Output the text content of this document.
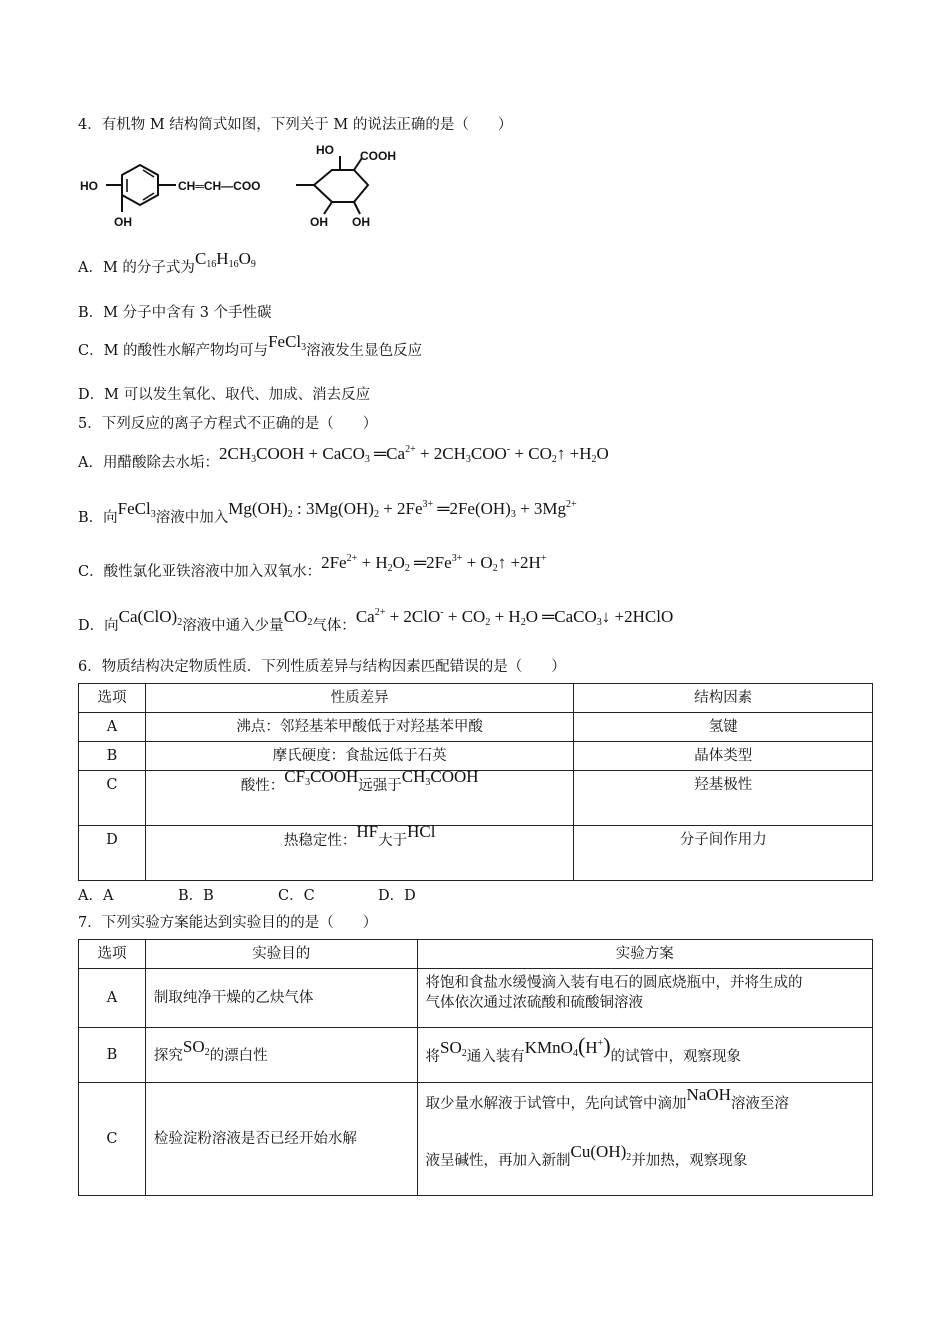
4．有机物 M 结构简式如图，下列关于 M 的说法正确的是（　　）
HO
OH
CH═CH—COO
HO COOH
OH OH
A．M 的分子式为$C_{16}H_{16}O_9$
B．M 分子中含有 3 个手性碳
C．M 的酸性水解产物均可与FeCl$_3$溶液发生显色反应
D．M 可以发生氧化、取代、加成、消去反应
5．下列反应的离子方程式不正确的是（　　）
A．用醋酸除去水垢：$2CH_3COOH$ + CaCO$_3$ $═Ca^{2+} + 2CH_3COO^-$ + $CO_2↑ +H_2O$
B．向FeCl$_3$溶液中加入$Mg(OH)_2$ : $3Mg(OH)_2 + 2Fe^{3+}$ $═2Fe(OH)_3 + 3Mg^{2+}$
C．酸性氯化亚铁溶液中加入双氧水：$2Fe^{2+} + H_2O_2$ $═2Fe^{3+}$ + $O_2↑ +2H^+$
D．向$Ca(ClO)_2$溶液中通入少量$CO_2$气体：$Ca^{2+} + 2ClO^- + CO_2 + H_2O$ ═CaCO$_3$↓ +2HClO
6．物质结构决定物质性质．下列性质差异与结构因素匹配错误的是（　　）
选项	性质差异	结构因素
A	沸点：邻羟基苯甲酸低于对羟基苯甲酸	氢键
B	摩氏硬度：食盐远低于石英	晶体类型
C	酸性：$CF_3COOH$远强于$CH_3COOH$	羟基极性
D	热稳定性：HF大于HCl	分子间作用力
A．A	B．B	C．C	D．D
7．下列实验方案能达到实验目的的是（　　）
选项	实验目的	实验方案
A	制取纯净干燥的乙炔气体	将饱和食盐水缓慢滴入装有电石的圆底烧瓶中，并将生成的
气体依次通过浓硫酸和硫酸铜溶液

B	探究$SO_2$的漂白性	将$SO_2$通入装有KMnO$_4$(H+)的试管中，观察现象
C	检验淀粉溶液是否已经开始水解	取少量水解液于试管中，先向试管中滴加NaOH溶液至溶
液呈碱性，再加入新制$Cu(OH)_2$并加热，观察现象
